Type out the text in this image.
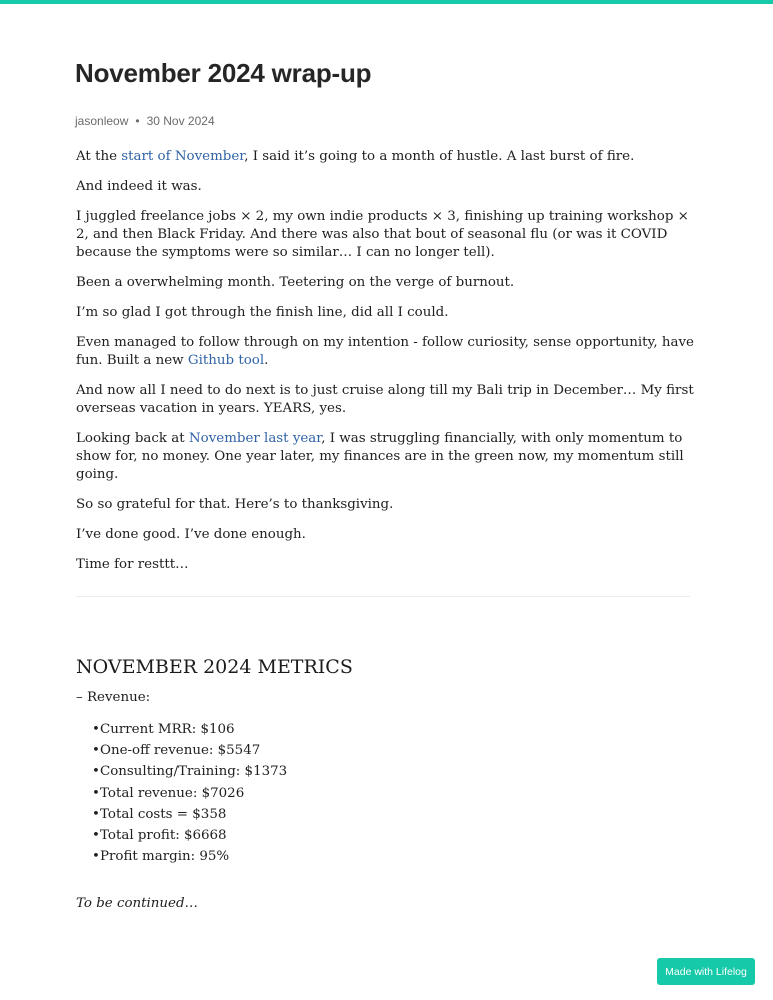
November 2024 wrap-up
jasonleow • 30 Nov 2024

At the start of November, I said it’s going to a month of hustle. A last burst of fire.

And indeed it was.

I juggled freelance jobs × 2, my own indie products × 3, finishing up training workshop × 2, and then Black Friday. And there was also that bout of seasonal flu (or was it COVID because the symptoms were so similar… I can no longer tell).

Been a overwhelming month. Teetering on the verge of burnout.

I’m so glad I got through the finish line, did all I could.

Even managed to follow through on my intention - follow curiosity, sense opportunity, have fun. Built a new Github tool.

And now all I need to do next is to just cruise along till my Bali trip in December… My first overseas vacation in years. YEARS, yes.

Looking back at November last year, I was struggling financially, with only momentum to show for, no money. One year later, my finances are in the green now, my momentum still going.

So so grateful for that. Here’s to thanksgiving.

I’ve done good. I’ve done enough.

Time for resttt…

NOVEMBER 2024 METRICS
– Revenue:
•Current MRR: $106
•One-off revenue: $5547
•Consulting/Training: $1373
•Total revenue: $7026
•Total costs = $358
•Total profit: $6668
•Profit margin: 95%
To be continued…
Made with Lifelog
